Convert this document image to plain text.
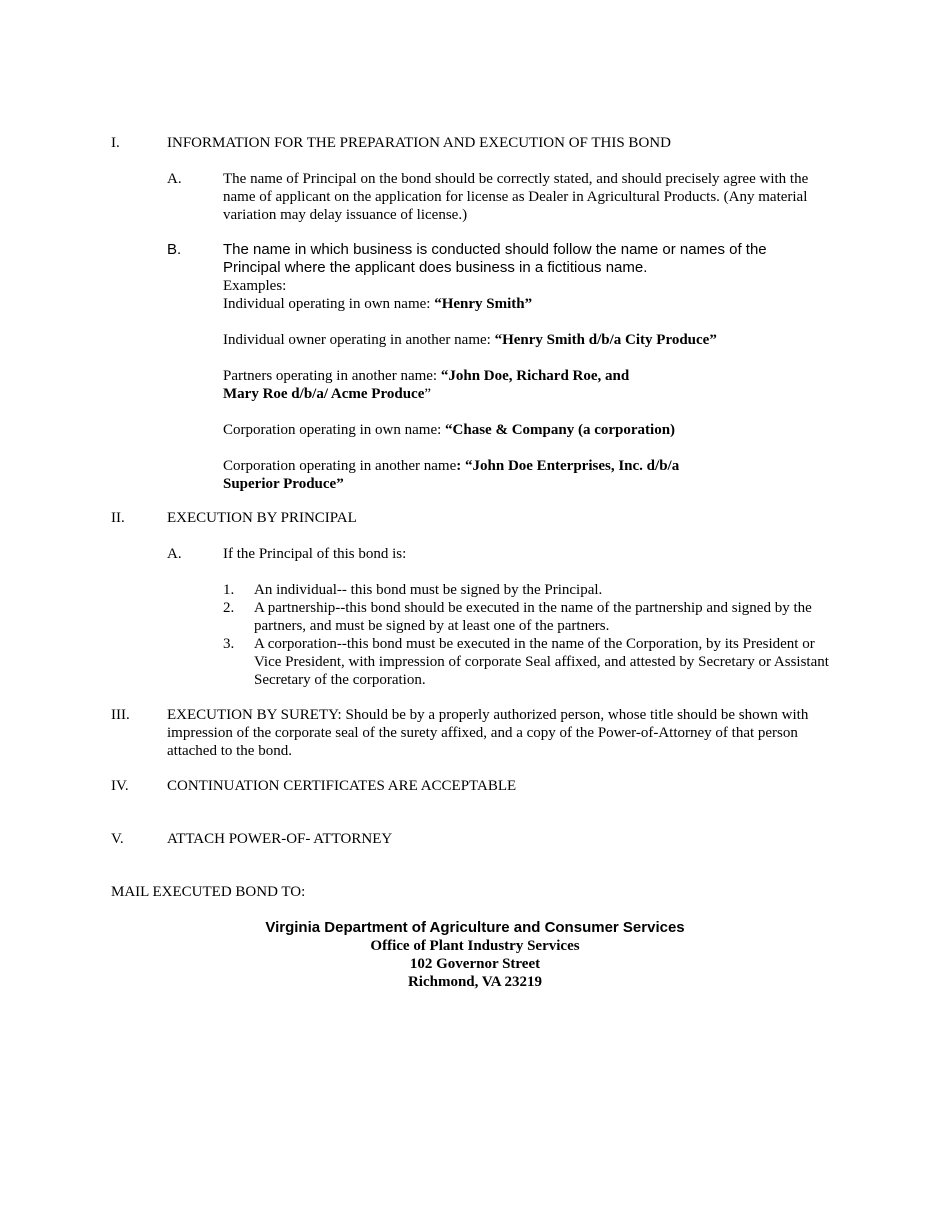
I.	INFORMATION FOR THE PREPARATION AND EXECUTION OF THIS BOND
A.	The name of Principal on the bond should be correctly stated, and should precisely agree with the name of applicant on the application for license as Dealer in Agricultural Products. (Any material variation may delay issuance of license.)
B.	The name in which business is conducted should follow the name or names of the Principal where the applicant does business in a fictitious name.
Examples:
Individual operating in own name: “Henry Smith”
Individual owner operating in another name: “Henry Smith d/b/a City Produce”
Partners operating in another name: “John Doe, Richard Roe, and
Mary Roe d/b/a/ Acme Produce”
Corporation operating in own name: “Chase & Company (a corporation)
Corporation operating in another name: “John Doe Enterprises, Inc. d/b/a
Superior Produce”
II.	EXECUTION BY PRINCIPAL
A.	If the Principal of this bond is:
1. An individual-- this bond must be signed by the Principal.
2. A partnership--this bond should be executed in the name of the partnership and signed by the partners, and must be signed by at least one of the partners.
3. A corporation--this bond must be executed in the name of the Corporation, by its President or Vice President, with impression of corporate Seal affixed, and attested by Secretary or Assistant Secretary of the corporation.
III. EXECUTION BY SURETY: Should be by a properly authorized person, whose title should be shown with impression of the corporate seal of the surety affixed, and a copy of the Power-of-Attorney of that person attached to the bond.
IV.	CONTINUATION CERTIFICATES ARE ACCEPTABLE
V.	ATTACH POWER-OF- ATTORNEY
MAIL EXECUTED BOND TO:
Virginia Department of Agriculture and Consumer Services
Office of Plant Industry Services
102 Governor Street
Richmond, VA 23219
